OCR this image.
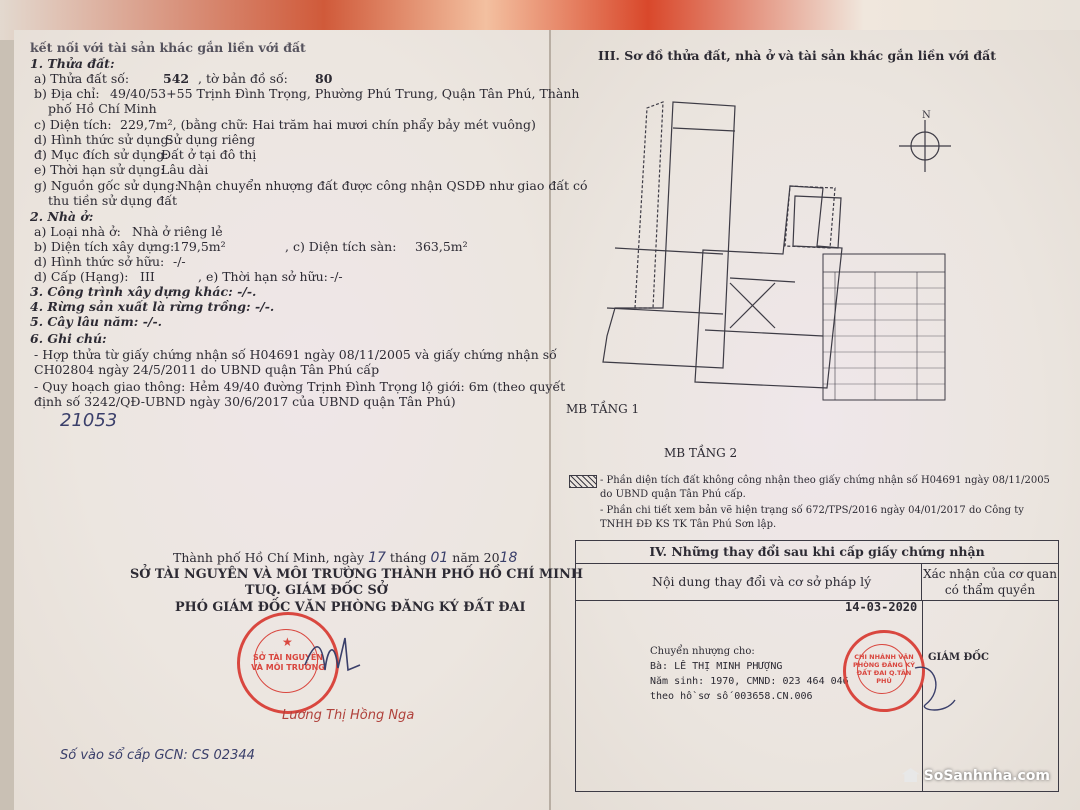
kết nối với tài sản khác gắn liền với đất
1. Thửa đất:
a) Thửa đất số:	542 , tờ bản đồ số: 80
b) Địa chỉ: 49/40/53+55 Trịnh Đình Trọng, Phường Phú Trung, Quận Tân Phú, Thành
phố Hồ Chí Minh
c) Diện tích: 229,7m², (bằng chữ: Hai trăm hai mươi chín phẩy bảy mét vuông)
d) Hình thức sử dụng:
Sử dụng riêng
đ) Mục đích sử dụng:
Đất ở tại đô thị
e) Thời hạn sử dụng:
Lâu dài
g) Nguồn gốc sử dụng:
Nhận chuyển nhượng đất được công nhận QSDĐ như giao đất có
thu tiền sử dụng đất
2. Nhà ở:
a) Loại nhà ở: Nhà ở riêng lẻ
b) Diện tích xây dựng:
179,5m²	, c) Diện tích sàn: 363,5m²
d) Hình thức sở hữu: -/-
d) Cấp (Hạng): III	, e) Thời hạn sở hữu: -/-
3. Công trình xây dựng khác: -/-.
4. Rừng sản xuất là rừng trồng: -/-.
5. Cây lâu năm: -/-.
6. Ghi chú:
- Hợp thửa từ giấy chứng nhận số H04691 ngày 08/11/2005 và giấy chứng nhận số
CH02804 ngày 24/5/2011 do UBND quận Tân Phú cấp
- Quy hoạch giao thông: Hẻm 49/40 đường Trịnh Đình Trọng lộ giới: 6m (theo quyết
định số 3242/QĐ-UBND ngày 30/6/2017 của UBND quận Tân Phú)
21053
Thành phố Hồ Chí Minh, ngày 17 tháng 01 năm 2018
SỞ TÀI NGUYÊN VÀ MÔI TRƯỜNG THÀNH PHỐ HỒ CHÍ MINH
TUQ. GIÁM ĐỐC SỞ
PHÓ GIÁM ĐỐC VĂN PHÒNG ĐĂNG KÝ ĐẤT ĐAI
SỞ TÀI NGUYÊN VÀ MÔI TRƯỜNG
★
Lương Thị Hồng Nga
Số vào sổ cấp GCN: CS 02344
III. Sơ đồ thửa đất, nhà ở và tài sản khác gắn liền với đất
N
MB TẦNG 1
MB TẦNG 2
- Phần diện tích đất không công nhận theo giấy chứng nhận số H04691 ngày 08/11/2005
do UBND quận Tân Phú cấp.
- Phần chi tiết xem bản vẽ hiện trạng số 672/TPS/2016 ngày 04/01/2017 do Công ty
TNHH ĐĐ KS TK Tân Phú Sơn lập.
IV. Những thay đổi sau khi cấp giấy chứng nhận
Nội dung thay đổi và cơ sở pháp lý	Xác nhận của cơ quan
có thẩm quyền
14-03-2020
Chuyển nhượng cho:
Bà: LÊ THỊ MINH PHƯỢNG
Năm sinh: 1970, CMND: 023 464 046
theo hồ sơ số 003658.CN.006
CHI NHÁNH VĂN PHÒNG ĐĂNG KÝ ĐẤT ĐAI Q.TÂN PHÚ
GIÁM ĐỐC
SoSanhnha.com
